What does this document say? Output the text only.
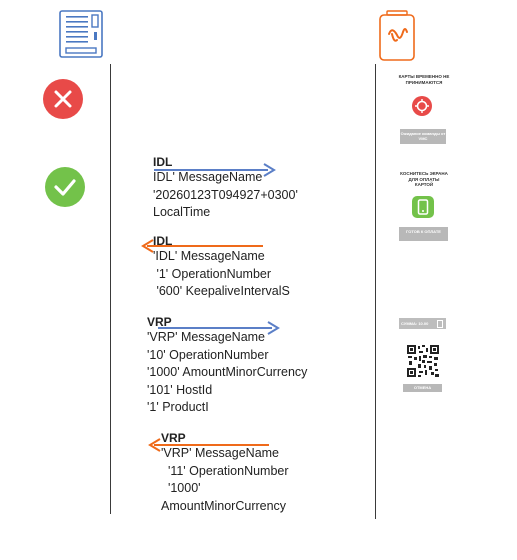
IDL
IDL' MessageName
'20260123T094927+0300'
LocalTime
IDL
'IDL' MessageName
'1' OperationNumber
'600' KeepaliveIntervalS
VRP
'VRP' MessageName
'10' OperationNumber
'1000' AmountMinorCurrency
'101' HostId
'1' ProductI
VRP
'VRP' MessageName
'11' OperationNumber
'1000'
AmountMinorCurrency
КАРТЫ ВРЕМЕННО НЕ ПРИНИМАЮТСЯ
Ожидание команды от VMC
КОСНИТЕСЬ ЭКРАНА ДЛЯ ОПЛАТЫ КАРТОЙ
ГОТОВ К ОПЛАТЕ
СУММА: 10.00
ОТМЕНА
